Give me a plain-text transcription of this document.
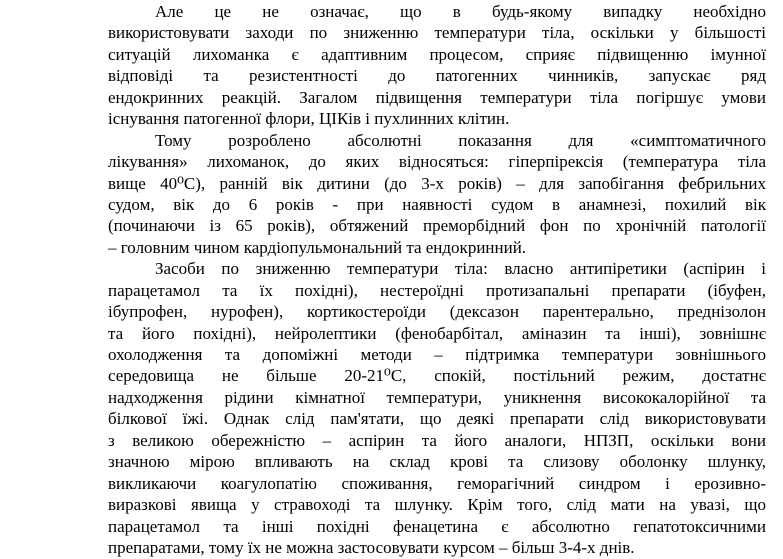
Але це не означає, що в будь-якому випадку необхідно
використовувати заходи по зниженню температури тіла, оскільки у більшості
ситуацій лихоманка є адаптивним процесом, сприяє підвищенню імунної
відповіді та резистентності до патогенних чинників, запускає ряд
ендокринних реакцій. Загалом підвищення температури тіла погіршує умови
існування патогенної флори, ЦІКів і пухлинних клітин.
Тому розроблено абсолютні показання для «симптоматичного
лікування» лихоманок, до яких відносяться: гіперпірексія (температура тіла
вище 40⁰С), ранній вік дитини (до 3-х років) – для запобігання фебрильних
судом, вік до 6 років - при наявності судом в анамнезі, похилий вік
(починаючи із 65 років), обтяжений преморбідний фон по хронічній патології
– головним чином кардіопульмональний та ендокринний.
Засоби по зниженню температури тіла: власно антипіретики (аспірин і
парацетамол та їх похідні), нестероїдні протизапальні препарати (ібуфен,
ібупрофен, нурофен), кортикостероїди (дексазон парентерально, преднізолон
та його похідні), нейролептики (фенобарбітал, аміназин та інші), зовнішнє
охолодження та допоміжні методи – підтримка температури зовнішнього
середовища не більше 20-21⁰С, спокій, постільний режим, достатнє
надходження рідини кімнатної температури, уникнення висококалорійної та
білкової їжі. Однак слід пам'ятати, що деякі препарати слід використовувати
з великою обережністю – аспірин та його аналоги, НПЗП, оскільки вони
значною мірою впливають на склад крові та слизову оболонку шлунку,
викликаючи коагулопатію споживання, геморагічний синдром і ерозивно-
виразкові явища у стравоході та шлунку. Крім того, слід мати на увазі, що
парацетамол та інші похідні фенацетина є абсолютно гепатотоксичними
препаратами, тому їх не можна застосовувати курсом – більш 3-4-х днів.
